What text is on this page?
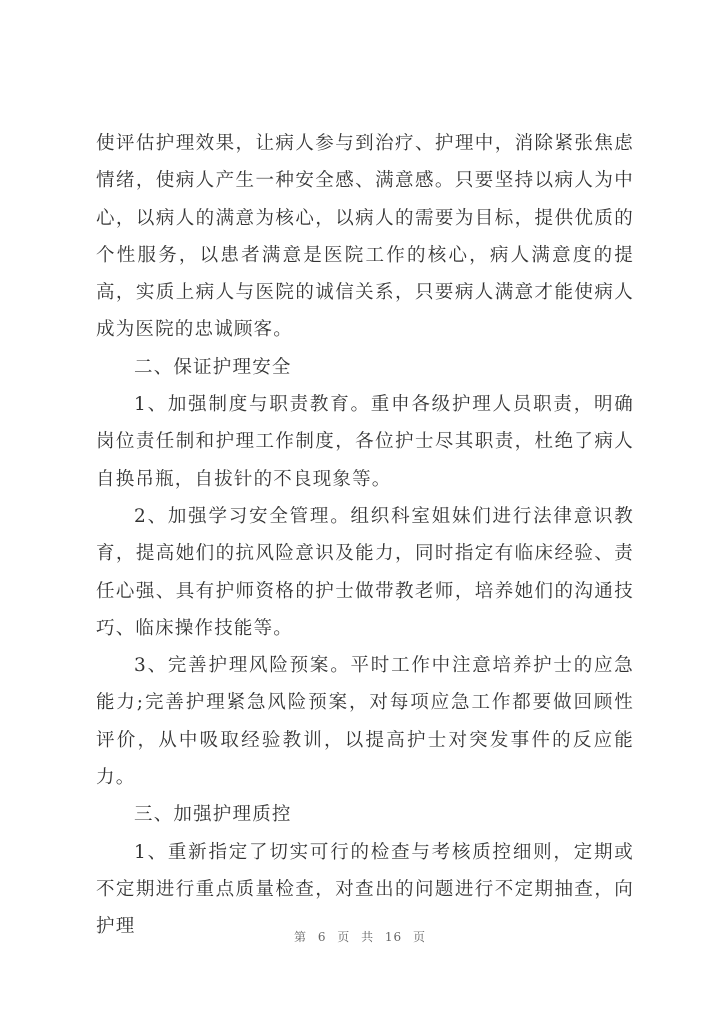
使评估护理效果，让病人参与到治疗、护理中，消除紧张焦虑情绪，使病人产生一种安全感、满意感。只要坚持以病人为中心，以病人的满意为核心，以病人的需要为目标，提供优质的个性服务，以患者满意是医院工作的核心，病人满意度的提高，实质上病人与医院的诚信关系，只要病人满意才能使病人成为医院的忠诚顾客。

二、保证护理安全

1、加强制度与职责教育。重申各级护理人员职责，明确岗位责任制和护理工作制度，各位护士尽其职责，杜绝了病人自换吊瓶，自拔针的不良现象等。

2、加强学习安全管理。组织科室姐妹们进行法律意识教育，提高她们的抗风险意识及能力，同时指定有临床经验、责任心强、具有护师资格的护士做带教老师，培养她们的沟通技巧、临床操作技能等。

3、完善护理风险预案。平时工作中注意培养护士的应急能力;完善护理紧急风险预案，对每项应急工作都要做回顾性评价，从中吸取经验教训，以提高护士对突发事件的反应能力。

三、加强护理质控

1、重新指定了切实可行的检查与考核质控细则，定期或不定期进行重点质量检查，对查出的问题进行不定期抽查，向护理	第 6 页 共 16 页
